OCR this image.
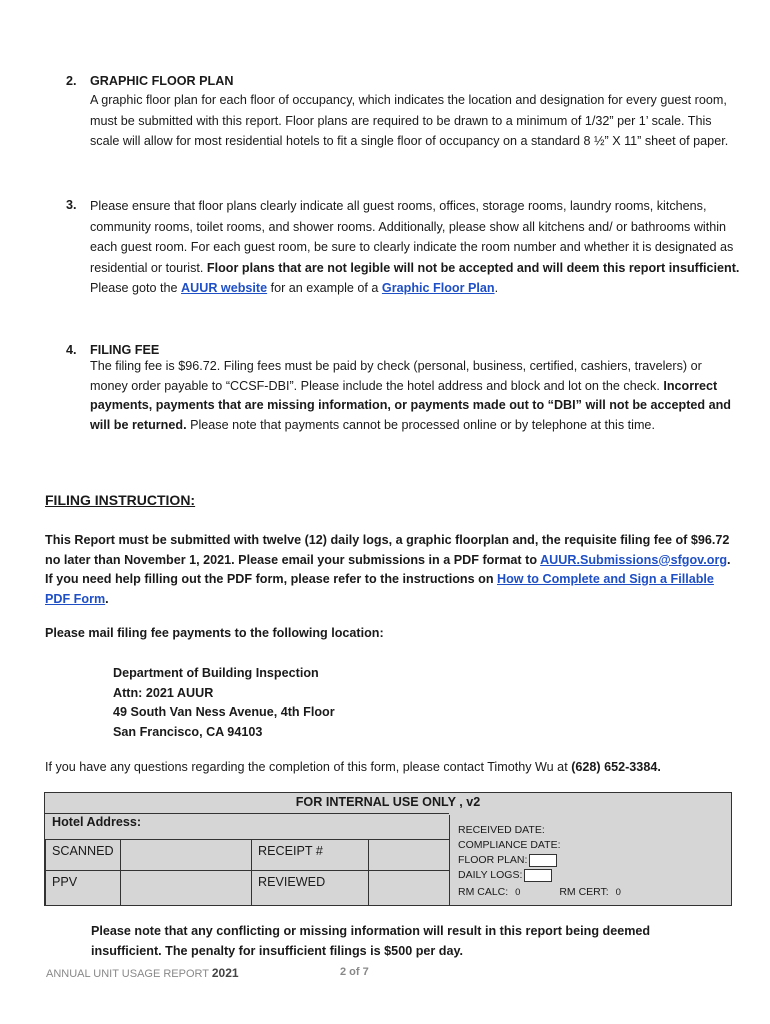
2. GRAPHIC FLOOR PLAN
A graphic floor plan for each floor of occupancy, which indicates the location and designation for every guest room, must be submitted with this report. Floor plans are required to be drawn to a minimum of 1/32” per 1’ scale. This scale will allow for most residential hotels to fit a single floor of occupancy on a standard 8 ½” X 11” sheet of paper.
3. Please ensure that floor plans clearly indicate all guest rooms, offices, storage rooms, laundry rooms, kitchens, community rooms, toilet rooms, and shower rooms. Additionally, please show all kitchens and/ or bathrooms within each guest room. For each guest room, be sure to clearly indicate the room number and whether it is designated as residential or tourist. Floor plans that are not legible will not be accepted and will deem this report insufficient. Please goto the AUUR website for an example of a Graphic Floor Plan.
4. FILING FEE
The filing fee is $96.72. Filing fees must be paid by check (personal, business, certified, cashiers, travelers) or money order payable to “CCSF-DBI”. Please include the hotel address and block and lot on the check. Incorrect payments, payments that are missing information, or payments made out to “DBI” will not be accepted and will be returned. Please note that payments cannot be processed online or by telephone at this time.
FILING INSTRUCTION:
This Report must be submitted with twelve (12) daily logs, a graphic floorplan and, the requisite filing fee of $96.72 no later than November 1, 2021. Please email your submissions in a PDF format to AUUR.Submissions@sfgov.org. If you need help filling out the PDF form, please refer to the instructions on How to Complete and Sign a Fillable PDF Form.
Please mail filing fee payments to the following location:
Department of Building Inspection
Attn: 2021 AUUR
49 South Van Ness Avenue, 4th Floor
San Francisco, CA 94103
If you have any questions regarding the completion of this form, please contact Timothy Wu at (628) 652-3384.
FOR INTERNAL USE ONLY , v2
Hotel Address:
SCANNED	RECEIPT #
PPV	REVIEWED
RECEIVED DATE:
COMPLIANCE DATE:
FLOOR PLAN:
DAILY LOGS:
RM CALC: 0	RM CERT: 0
Please note that any conflicting or missing information will result in this report being deemed insufficient. The penalty for insufficient filings is $500 per day.
ANNUAL UNIT USAGE REPORT 2021	2 of 7
